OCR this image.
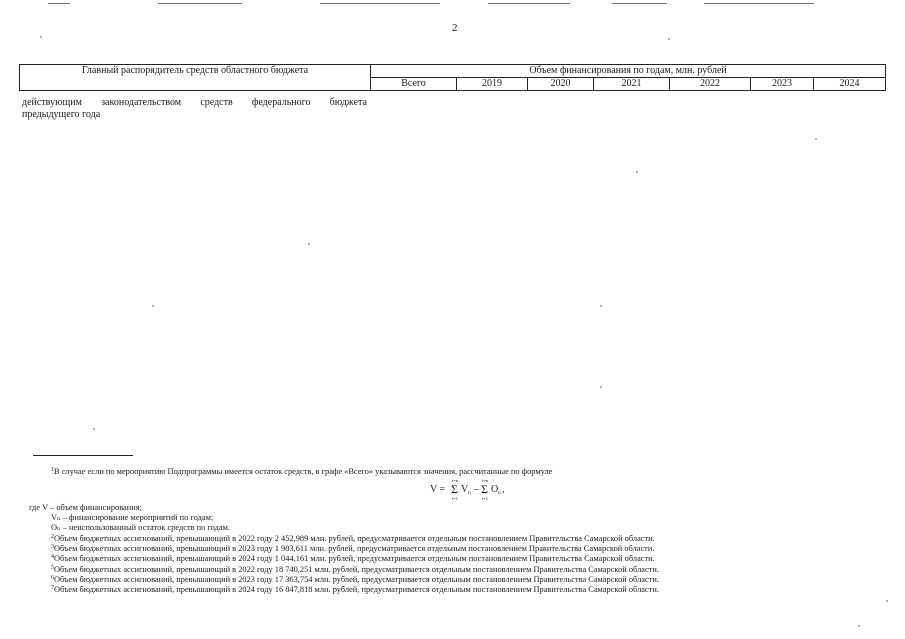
2
Главный распорядитель средств областного бюджета	Объем финансирования по годам, млн. рублей						
	Всего	2019	2020	2021	2022	2023	2024
действующим законодательством средств федерального бюджета
предыдущего года
$^1$В случае если по мероприятию Подпрограммы имеется остаток средств, в графе «Всего» указываются значения, рассчитанные по формуле
V =
i=n
Σ
i=1
V n –
i=n
Σ
i=1
O n ,
где V – объем финансирования;
Vₙ – финансирование мероприятий по годам;
Oₙ – неиспользованный остаток средств по годам.
$^2$Объем бюджетных ассигнований, превышающий в 2022 году 2 452,989 млн. рублей, предусматривается отдельным постановлением Правительства Самарской области.
$^3$Объем бюджетных ассигнований, превышающий в 2023 году 1 903,611 млн. рублей, предусматривается отдельным постановлением Правительства Самарской области.
$^4$Объем бюджетных ассигнований, превышающий в 2024 году 1 044,161 млн. рублей, предусматривается отдельным постановлением Правительства Самарской области.
$^5$Объем бюджетных ассигнований, превышающий в 2022 году 18 740,251 млн. рублей, предусматривается отдельным постановлением Правительства Самарской области.
$^6$Объем бюджетных ассигнований, превышающий в 2023 году 17 363,754 млн. рублей, предусматривается отдельным постановлением Правительства Самарской области.
$^7$Объем бюджетных ассигнований, превышающий в 2024 году 16 847,818 млн. рублей, предусматривается отдельным постановлением Правительства Самарской области.
